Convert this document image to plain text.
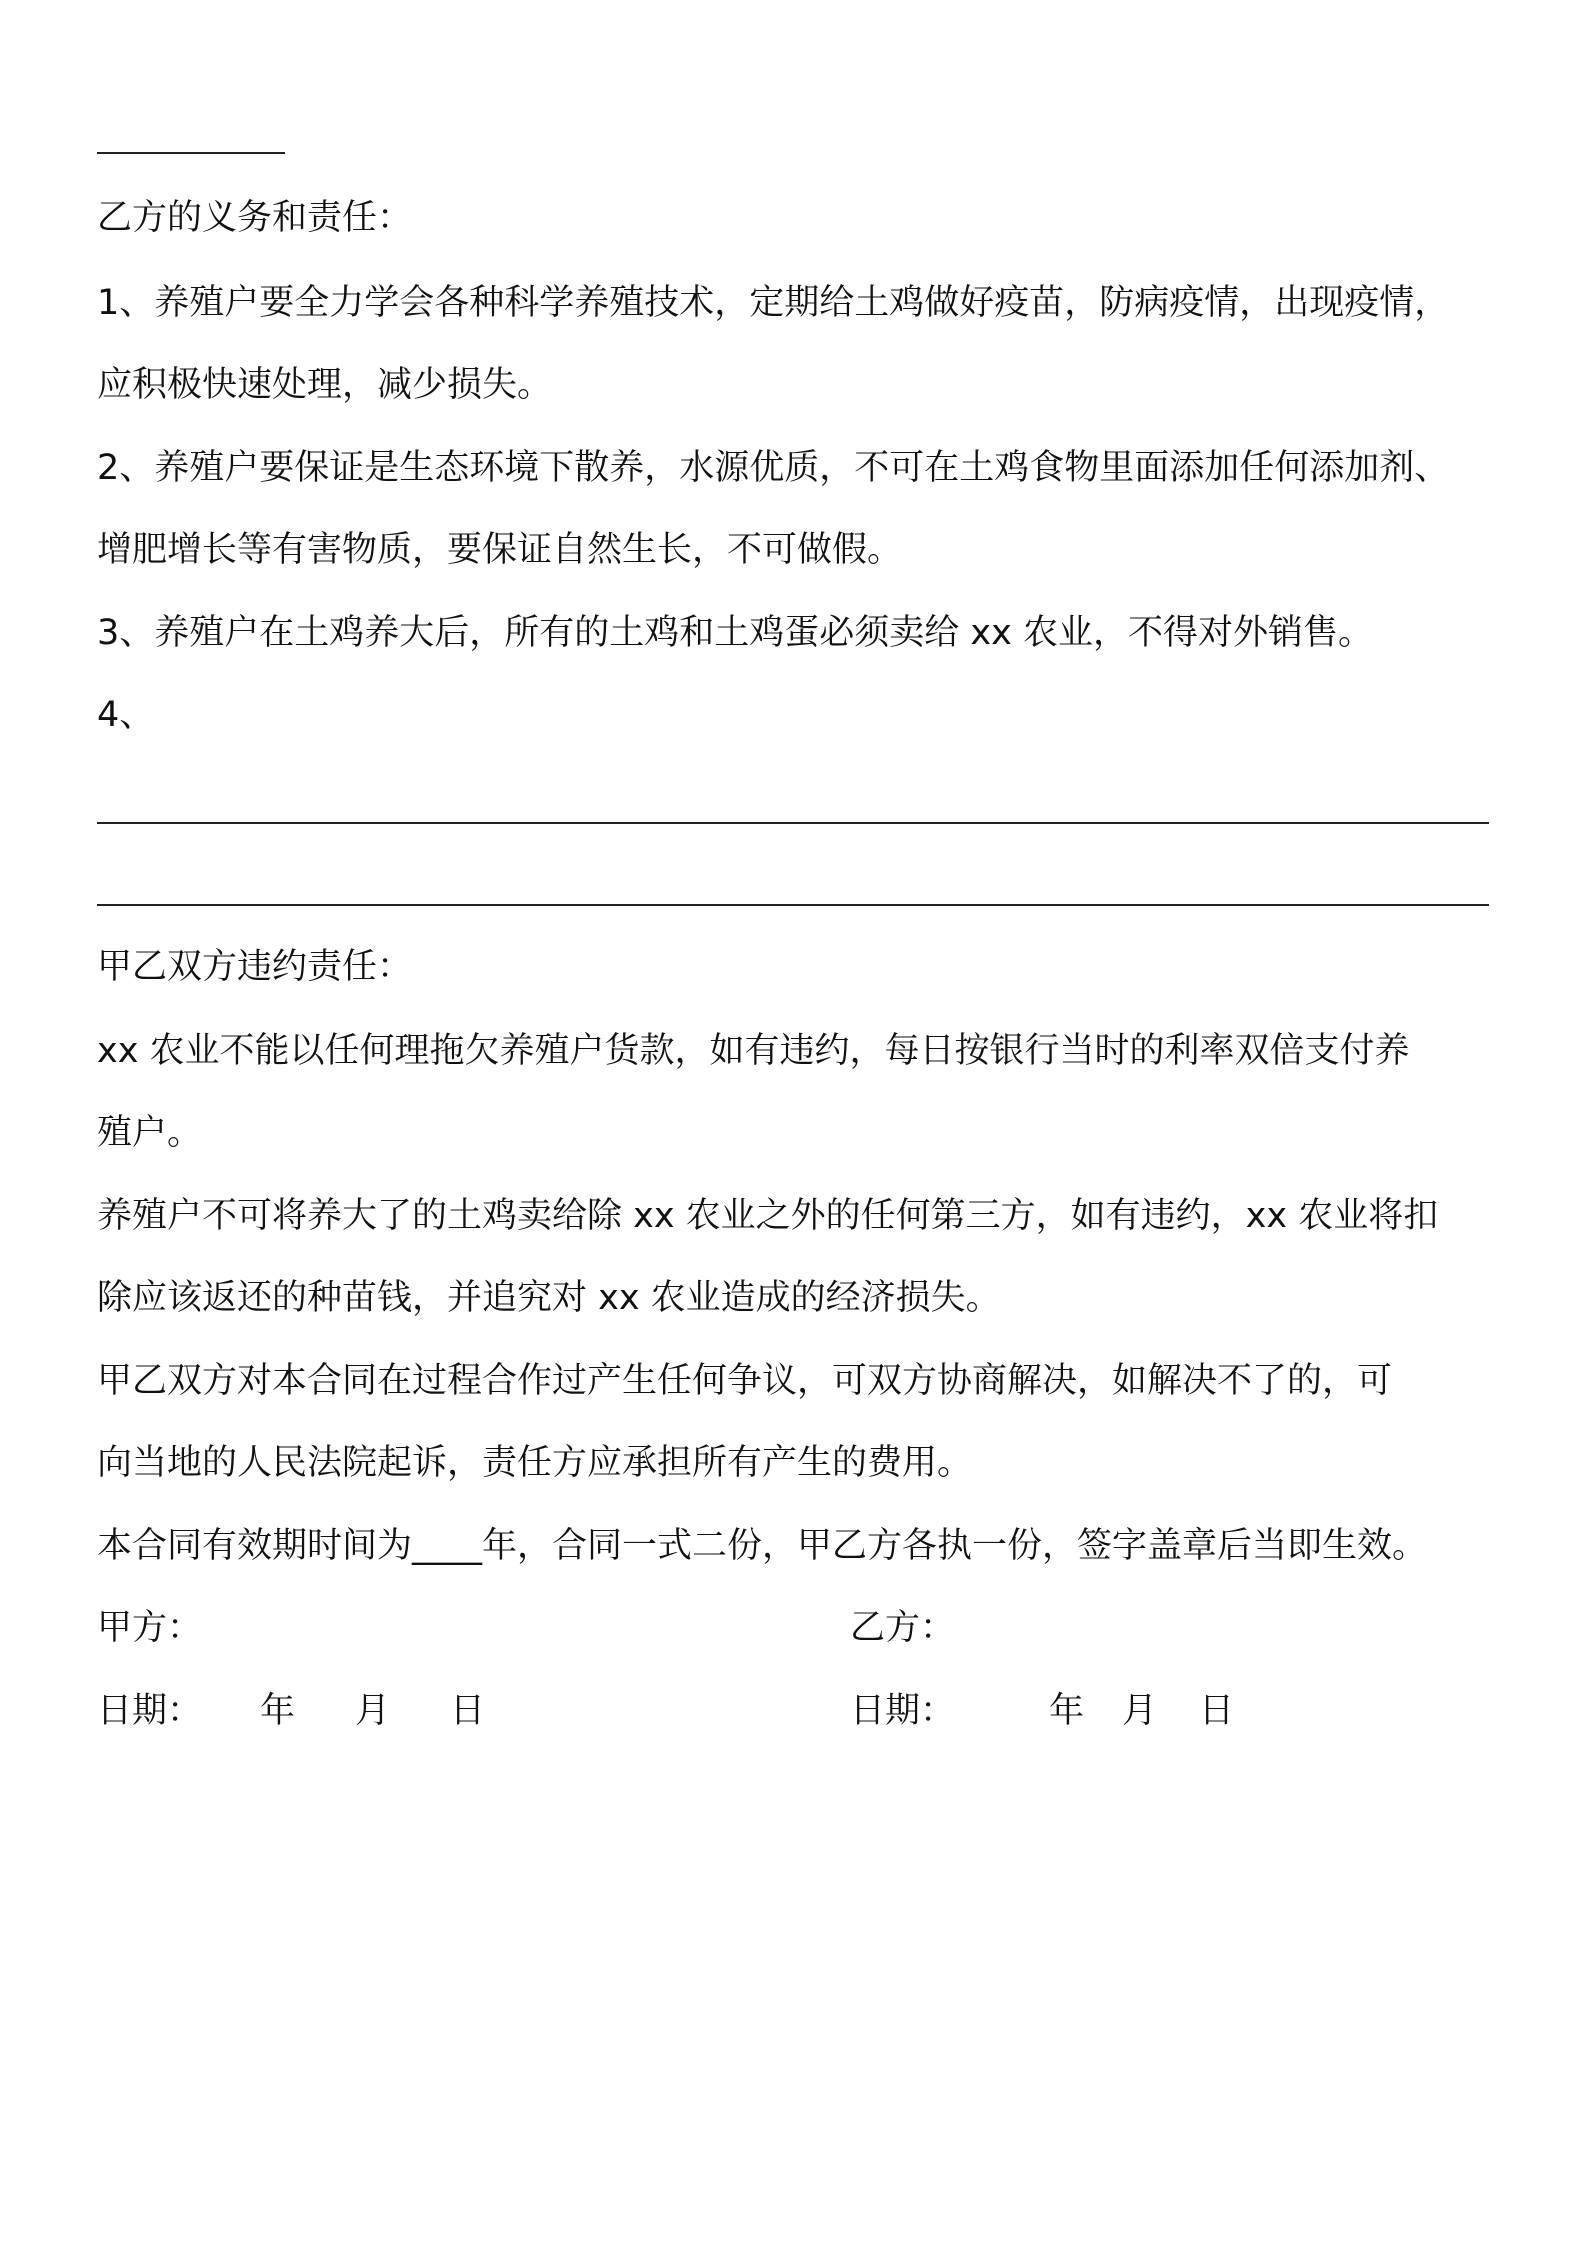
乙方的义务和责任：

1、养殖户要全力学会各种科学养殖技术，定期给土鸡做好疫苗，防病疫情，出现疫情，

应积极快速处理，减少损失。

2、养殖户要保证是生态环境下散养，水源优质，不可在土鸡食物里面添加任何添加剂、

增肥增长等有害物质，要保证自然生长，不可做假。

3、养殖户在土鸡养大后，所有的土鸡和土鸡蛋必须卖给 xx 农业，不得对外销售。

4、

甲乙双方违约责任：

xx 农业不能以任何理拖欠养殖户货款，如有违约，每日按银行当时的利率双倍支付养

殖户。

养殖户不可将养大了的土鸡卖给除 xx 农业之外的任何第三方，如有违约，xx 农业将扣

除应该返还的种苗钱，并追究对 xx 农业造成的经济损失。

甲乙双方对本合同在过程合作过产生任何争议，可双方协商解决，如解决不了的，可

向当地的人民法院起诉，责任方应承担所有产生的费用。

本合同有效期时间为____年，合同一式二份，甲乙方各执一份，签字盖章后当即生效。

甲方：	乙方：

日期： 年 月 日	日期：	年 月 日
